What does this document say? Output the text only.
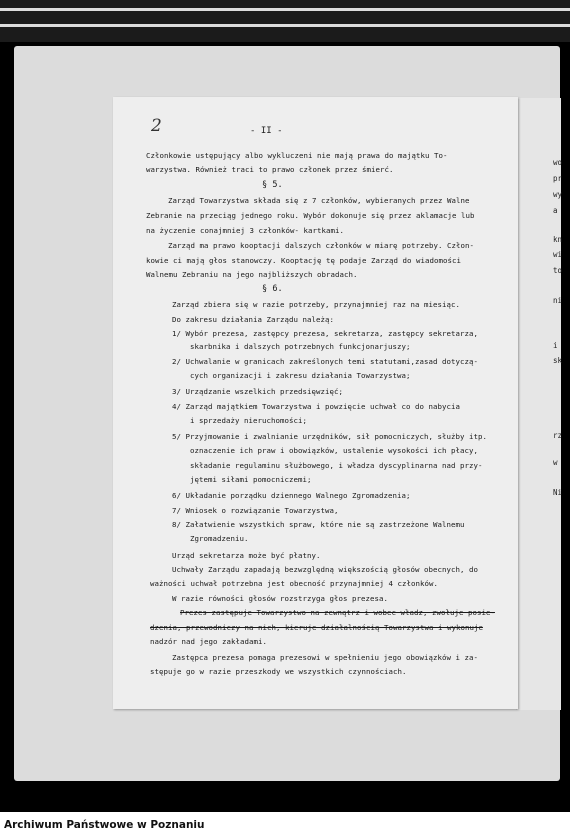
wo
pr
wy
a
kn
wi
to
ni
i
sk
rz
w
Ni
2	- II -
Członkowie ustępujący albo wykluczeni nie mają prawa do majątku To-
warzystwa. Również traci to prawo członek przez śmierć.
§ 5.
Zarząd Towarzystwa składa się z 7 członków, wybieranych przez Walne
Zebranie na przeciąg jednego roku. Wybór dokonuje się przez aklamacje lub
na życzenie conajmniej 3 członków- kartkami.
Zarząd ma prawo kooptacji dalszych członków w miarę potrzeby. Człon-
kowie ci mają głos stanowczy. Kooptację tę podaje Zarząd do wiadomości
Walnemu Zebraniu na jego najbliższych obradach.
§ 6.
Zarząd zbiera się w razie potrzeby, przynajmniej raz na miesiąc.
Do zakresu działania Zarządu należą:
1/ Wybór prezesa, zastępcy prezesa, sekretarza, zastępcy sekretarza,
skarbnika i dalszych potrzebnych funkcjonarjuszy;
2/ Uchwalanie w granicach zakreślonych temi statutami,zasad dotyczą-
cych organizacji i zakresu działania Towarzystwa;
3/ Urządzanie wszelkich przedsięwzięć;
4/ Zarząd majątkiem Towarzystwa i powzięcie uchwał co do nabycia
i sprzedaży nieruchomości;
5/ Przyjmowanie i zwalnianie urzędników, sił pomocniczych, służby itp.
oznaczenie ich praw i obowiązków, ustalenie wysokości ich płacy,
składanie regulaminu służbowego, i władza dyscyplinarna nad przy-
jętemi siłami pomocniczemi;
6/ Układanie porządku dziennego Walnego Zgromadzenia;
7/ Wniosek o rozwiązanie Towarzystwa,
8/ Załatwienie wszystkich spraw, które nie są zastrzeżone Walnemu
Zgromadzeniu.
Urząd sekretarza może być płatny.
Uchwały Zarządu zapadają bezwzględną większością głosów obecnych, do
ważności uchwał potrzebna jest obecność przynajmniej 4 członków.
W razie równości głosów rozstrzyga głos prezesa.
Prezes zastępuje Towarzystwo na zewnątrz i wobec władz, zwołuje posie-
dzenia, przewodniczy na nich, kieruje działalnością Towarzystwa i wykonuje
nadzór nad jego zakładami.
Zastępca prezesa pomaga prezesowi w spełnieniu jego obowiązków i za-
stępuje go w razie przeszkody we wszystkich czynnościach.
Archiwum Państwowe w Poznaniu
